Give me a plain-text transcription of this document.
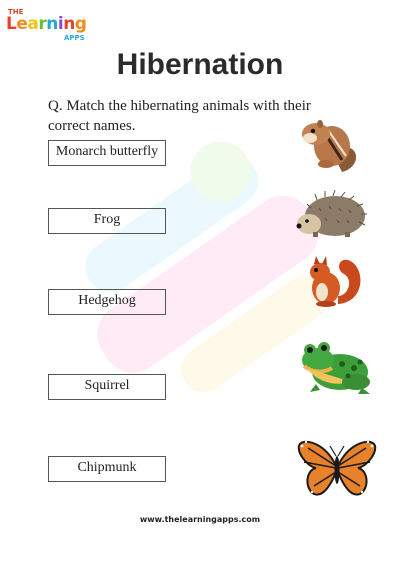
THE
Learning
APPS
Hibernation
Q. Match the hibernating animals with their correct names.
Monarch butterfly
Frog
Hedgehog
Squirrel
Chipmunk
www.thelearningapps.com
